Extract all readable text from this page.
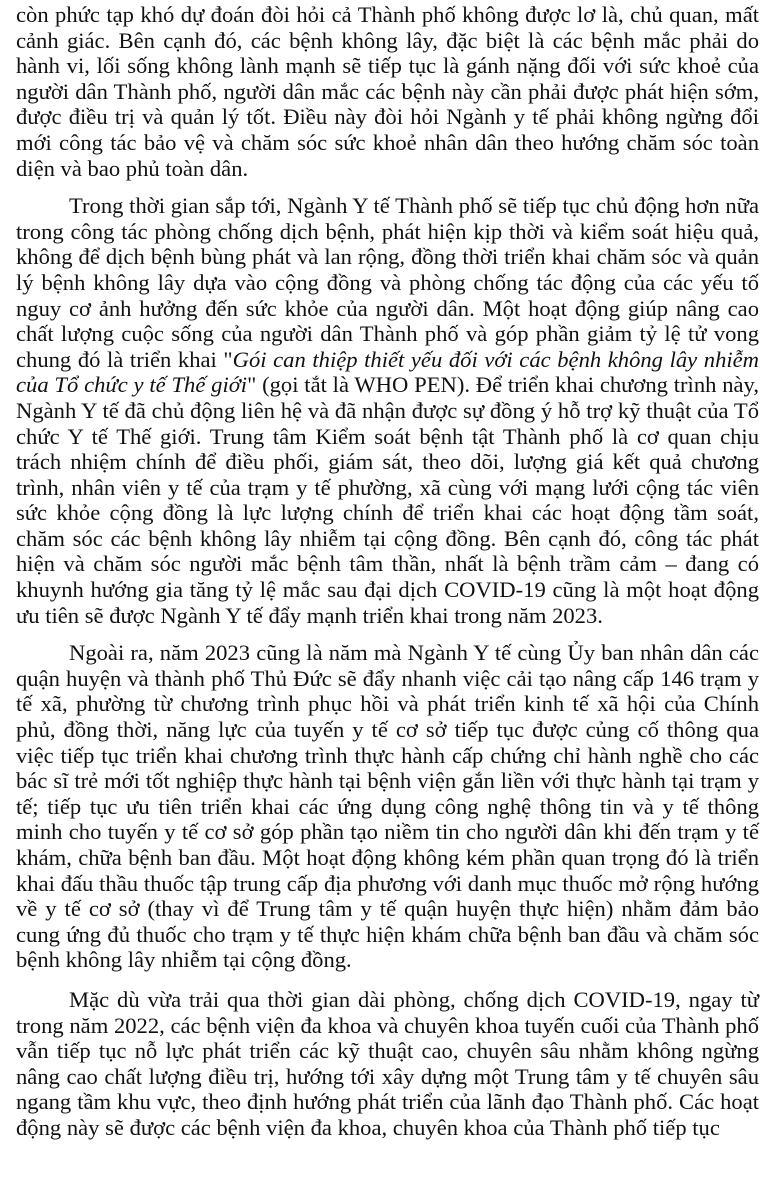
còn phức tạp khó dự đoán đòi hỏi cả Thành phố không được lơ là, chủ quan, mất cảnh giác. Bên cạnh đó, các bệnh không lây, đặc biệt là các bệnh mắc phải do hành vi, lối sống không lành mạnh sẽ tiếp tục là gánh nặng đối với sức khoẻ của người dân Thành phố, người dân mắc các bệnh này cần phải được phát hiện sớm, được điều trị và quản lý tốt. Điều này đòi hỏi Ngành y tế phải không ngừng đổi mới công tác bảo vệ và chăm sóc sức khoẻ nhân dân theo hướng chăm sóc toàn diện và bao phủ toàn dân.

Trong thời gian sắp tới, Ngành Y tế Thành phố sẽ tiếp tục chủ động hơn nữa trong công tác phòng chống dịch bệnh, phát hiện kịp thời và kiểm soát hiệu quả, không để dịch bệnh bùng phát và lan rộng, đồng thời triển khai chăm sóc và quản lý bệnh không lây dựa vào cộng đồng và phòng chống tác động của các yếu tố nguy cơ ảnh hưởng đến sức khỏe của người dân. Một hoạt động giúp nâng cao chất lượng cuộc sống của người dân Thành phố và góp phần giảm tỷ lệ tử vong chung đó là triển khai "Gói can thiệp thiết yếu đối với các bệnh không lây nhiễm của Tổ chức y tế Thế giới" (gọi tắt là WHO PEN). Để triển khai chương trình này, Ngành Y tế đã chủ động liên hệ và đã nhận được sự đồng ý hỗ trợ kỹ thuật của Tổ chức Y tế Thế giới. Trung tâm Kiểm soát bệnh tật Thành phố là cơ quan chịu trách nhiệm chính để điều phối, giám sát, theo dõi, lượng giá kết quả chương trình, nhân viên y tế của trạm y tế phường, xã cùng với mạng lưới cộng tác viên sức khỏe cộng đồng là lực lượng chính để triển khai các hoạt động tầm soát, chăm sóc các bệnh không lây nhiễm tại cộng đồng. Bên cạnh đó, công tác phát hiện và chăm sóc người mắc bệnh tâm thần, nhất là bệnh trầm cảm – đang có khuynh hướng gia tăng tỷ lệ mắc sau đại dịch COVID-19 cũng là một hoạt động ưu tiên sẽ được Ngành Y tế đẩy mạnh triển khai trong năm 2023.

Ngoài ra, năm 2023 cũng là năm mà Ngành Y tế cùng Ủy ban nhân dân các quận huyện và thành phố Thủ Đức sẽ đẩy nhanh việc cải tạo nâng cấp 146 trạm y tế xã, phường từ chương trình phục hồi và phát triển kinh tế xã hội của Chính phủ, đồng thời, năng lực của tuyến y tế cơ sở tiếp tục được củng cố thông qua việc tiếp tục triển khai chương trình thực hành cấp chứng chỉ hành nghề cho các bác sĩ trẻ mới tốt nghiệp thực hành tại bệnh viện gắn liền với thực hành tại trạm y tế; tiếp tục ưu tiên triển khai các ứng dụng công nghệ thông tin và y tế thông minh cho tuyến y tế cơ sở góp phần tạo niềm tin cho người dân khi đến trạm y tế khám, chữa bệnh ban đầu. Một hoạt động không kém phần quan trọng đó là triển khai đấu thầu thuốc tập trung cấp địa phương với danh mục thuốc mở rộng hướng về y tế cơ sở (thay vì để Trung tâm y tế quận huyện thực hiện) nhằm đảm bảo cung ứng đủ thuốc cho trạm y tế thực hiện khám chữa bệnh ban đầu và chăm sóc bệnh không lây nhiễm tại cộng đồng.

Mặc dù vừa trải qua thời gian dài phòng, chống dịch COVID-19, ngay từ trong năm 2022, các bệnh viện đa khoa và chuyên khoa tuyến cuối của Thành phố vẫn tiếp tục nỗ lực phát triển các kỹ thuật cao, chuyên sâu nhằm không ngừng nâng cao chất lượng điều trị, hướng tới xây dựng một Trung tâm y tế chuyên sâu ngang tầm khu vực, theo định hướng phát triển của lãnh đạo Thành phố. Các hoạt động này sẽ được các bệnh viện đa khoa, chuyên khoa của Thành phố tiếp tục
